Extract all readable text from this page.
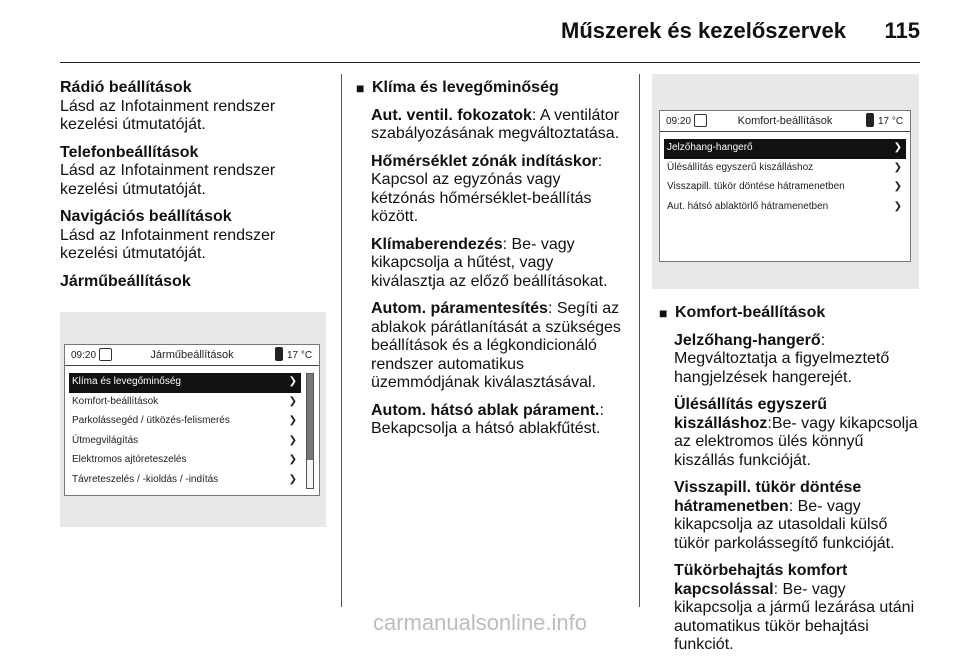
Műszerek és kezelőszervek 115

Rádió beállítások
Lásd az Infotainment rendszer kezelési útmutatóját.

Telefonbeállítások
Lásd az Infotainment rendszer kezelési útmutatóját.

Navigációs beállítások
Lásd az Infotainment rendszer kezelési útmutatóját.

Járműbeállítások

09:20	Járműbeállítások	17 °C
Klíma és levegőminőség	❯
Komfort-beállítások	❯
Parkolássegéd / ütközés-felismerés	❯
Útmegvilágítás	❯
Elektromos ajtóreteszelés	❯
Távreteszelés / -kioldás / -indítás	❯

■ Klíma és levegőminőség

Aut. ventil. fokozatok: A ventilátor szabályozásának megváltoztatása.

Hőmérséklet zónák indításkor: Kapcsol az egyzónás vagy kétzónás hőmérséklet-beállítás között.

Klímaberendezés: Be- vagy kikapcsolja a hűtést, vagy kiválasztja az előző beállításokat.

Autom. páramentesítés: Segíti az ablakok párátlanítását a szükséges beállítások és a légkondicionáló rendszer automatikus üzemmódjának kiválasztásával.

Autom. hátsó ablak párament.: Bekapcsolja a hátsó ablakfűtést.

09:20	Komfort-beállítások	17 °C
Jelzőhang-hangerő	❯
Ülésállítás egyszerű kiszálláshoz	❯
Visszapill. tükör döntése hátramenetben	❯
Aut. hátsó ablaktörlő hátramenetben	❯

■ Komfort-beállítások

Jelzőhang-hangerő:
Megváltoztatja a figyelmeztető hangjelzések hangerejét.

Ülésállítás egyszerű kiszálláshoz:Be- vagy kikapcsolja az elektromos ülés könnyű kiszállás funkcióját.

Visszapill. tükör döntése hátramenetben: Be- vagy kikapcsolja az utasoldali külső tükör parkolássegítő funkcióját.

Tükörbehajtás komfort kapcsolással: Be- vagy kikapcsolja a jármű lezárása utáni automatikus tükör behajtási funkciót.

carmanualsonline.info
